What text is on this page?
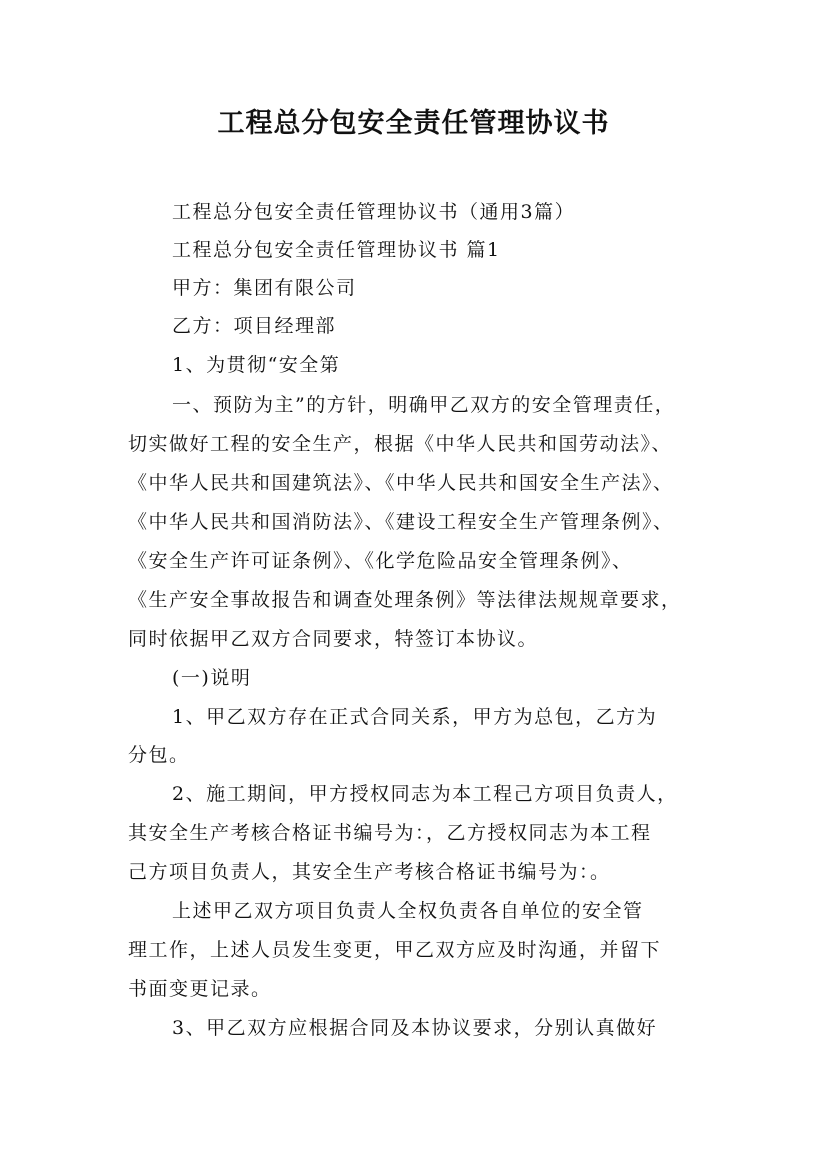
工程总分包安全责任管理协议书
工程总分包安全责任管理协议书（通用3篇）
工程总分包安全责任管理协议书 篇1
甲方：集团有限公司
乙方：项目经理部
1、为贯彻“安全第
一、预防为主”的方针，明确甲乙双方的安全管理责任，
切实做好工程的安全生产，根据《中华人民共和国劳动法》、
《中华人民共和国建筑法》、《中华人民共和国安全生产法》、
《中华人民共和国消防法》、《建设工程安全生产管理条例》、
《安全生产许可证条例》、《化学危险品安全管理条例》、
《生产安全事故报告和调查处理条例》等法律法规规章要求，
同时依据甲乙双方合同要求，特签订本协议。
(一)说明
1、甲乙双方存在正式合同关系，甲方为总包，乙方为
分包。
2、施工期间，甲方授权同志为本工程己方项目负责人，
其安全生产考核合格证书编号为：，乙方授权同志为本工程
己方项目负责人，其安全生产考核合格证书编号为：。
上述甲乙双方项目负责人全权负责各自单位的安全管
理工作，上述人员发生变更，甲乙双方应及时沟通，并留下
书面变更记录。
3、甲乙双方应根据合同及本协议要求，分别认真做好
